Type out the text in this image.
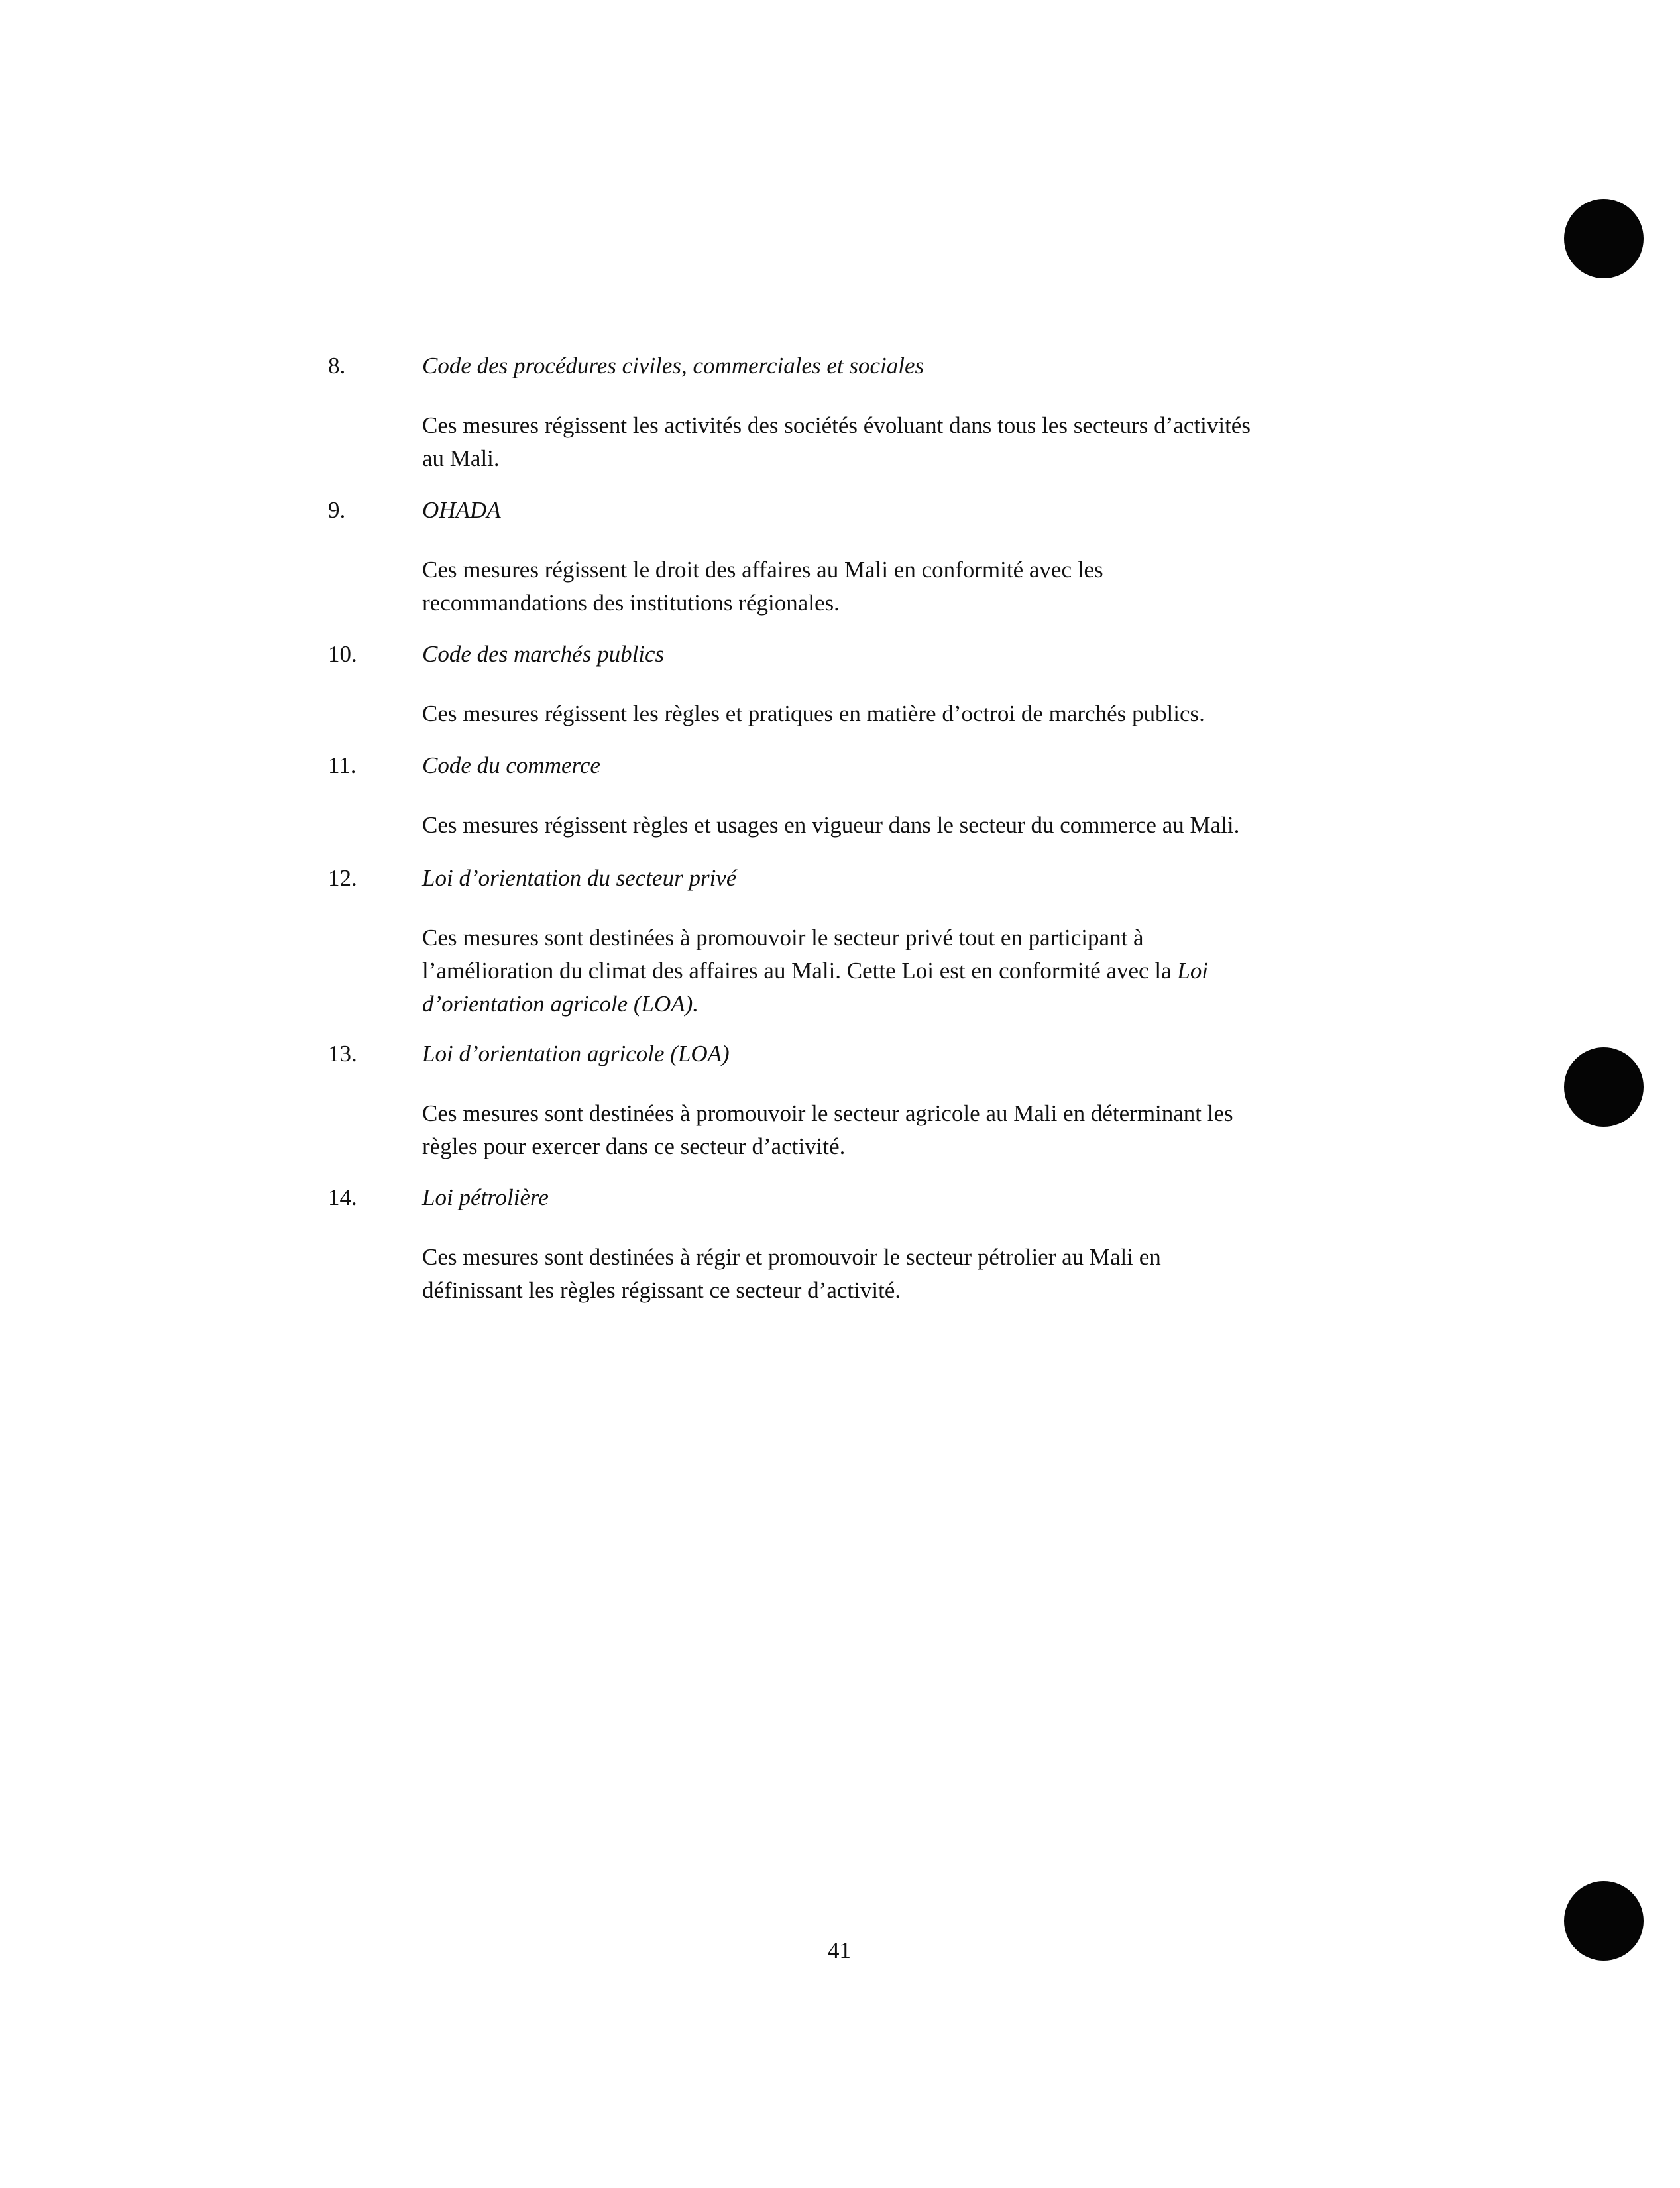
8.	Code des procédures civiles, commerciales et sociales

Ces mesures régissent les activités des sociétés évoluant dans tous les secteurs d’activités
au Mali.

9.	OHADA

Ces mesures régissent le droit des affaires au Mali en conformité avec les
recommandations des institutions régionales.

10.	Code des marchés publics

Ces mesures régissent les règles et pratiques en matière d’octroi de marchés publics.

11.	Code du commerce

Ces mesures régissent règles et usages en vigueur dans le secteur du commerce au Mali.

12.	Loi d’orientation du secteur privé

Ces mesures sont destinées à promouvoir le secteur privé tout en participant à
l’amélioration du climat des affaires au Mali. Cette Loi est en conformité avec la Loi
d’orientation agricole (LOA).

13.	Loi d’orientation agricole (LOA)

Ces mesures sont destinées à promouvoir le secteur agricole au Mali en déterminant les
règles pour exercer dans ce secteur d’activité.

14.	Loi pétrolière

Ces mesures sont destinées à régir et promouvoir le secteur pétrolier au Mali en
définissant les règles régissant ce secteur d’activité.

41
